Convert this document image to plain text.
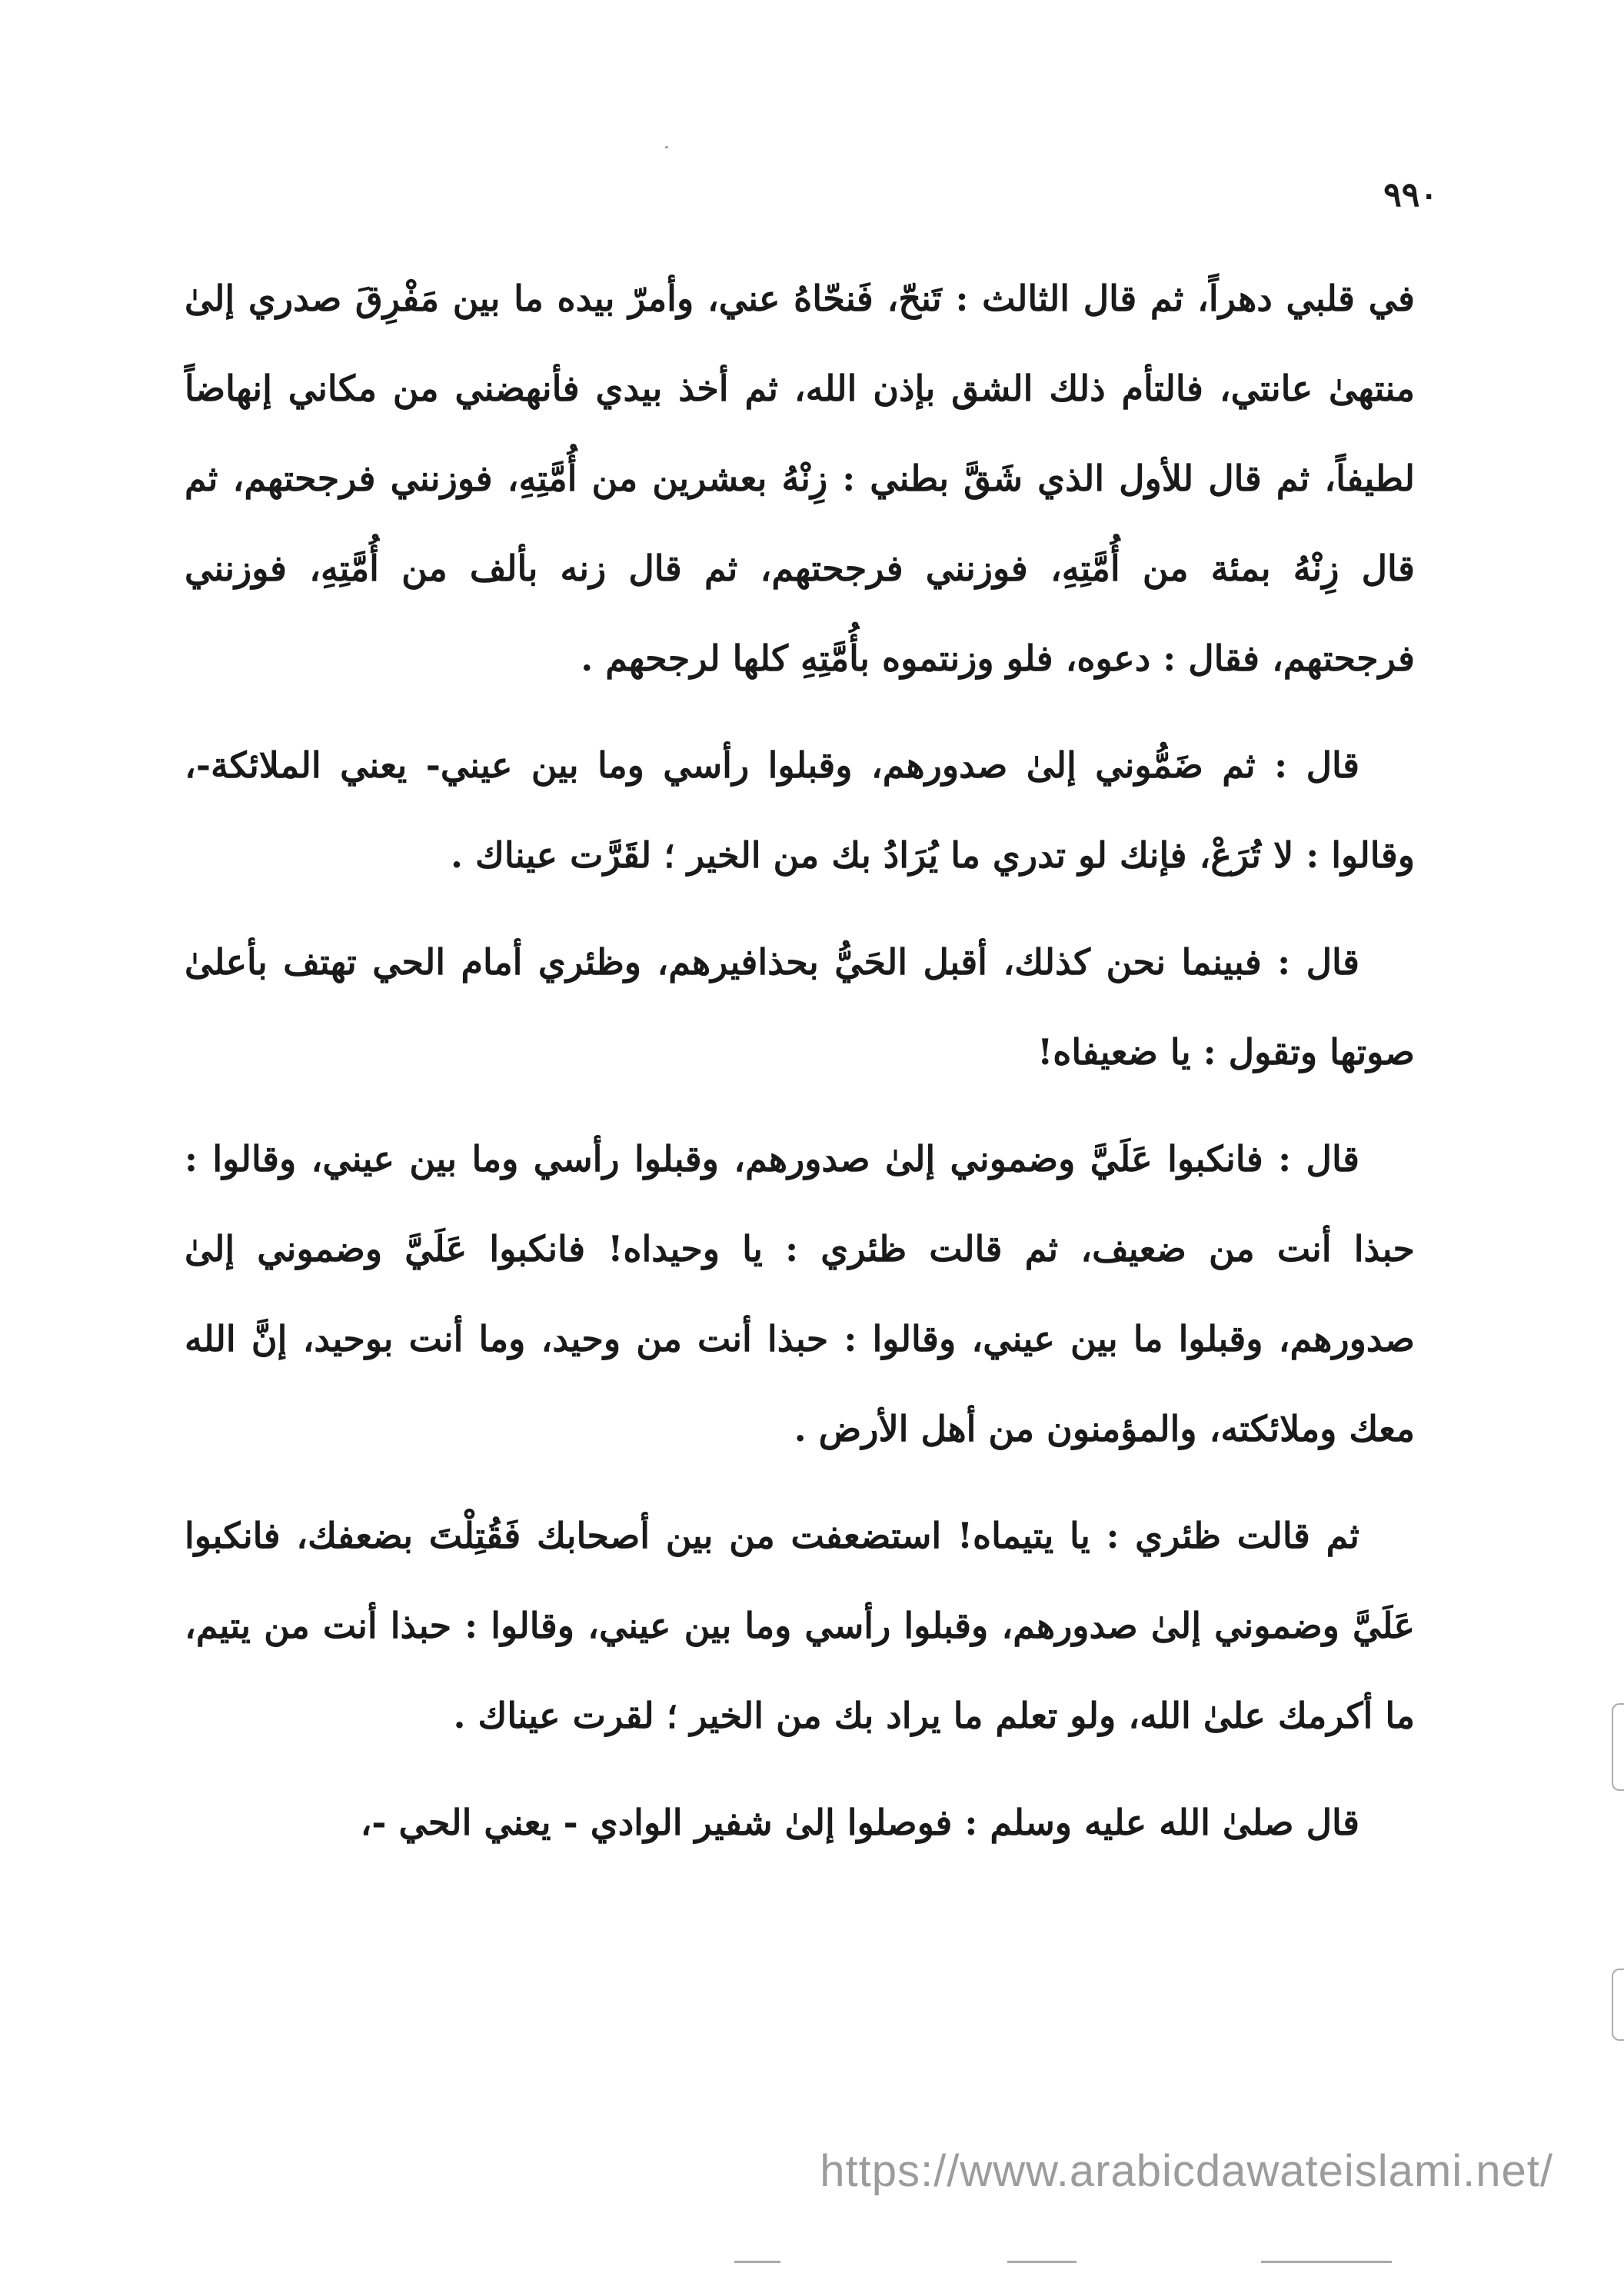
٩٩٠

في قلبي دهراً، ثم قال الثالث : تَنحّ، فَنحّاهُ عني، وأمرّ بيده ما بين مَفْرِقَ صدري إلىٰ منتهىٰ عانتي، فالتأم ذلك الشق بإذن الله، ثم أخذ بيدي فأنهضني من مكاني إنهاضاً لطيفاً، ثم قال للأول الذي شَقَّ بطني : زِنْهُ بعشرين من أُمَّتِهِ، فوزنني فرجحتهم، ثم قال زِنْهُ بمئة من أُمَّتِهِ، فوزنني فرجحتهم، ثم قال زنه بألف من أُمَّتِهِ، فوزنني فرجحتهم، فقال : دعوه، فلو وزنتموه بأُمَّتِهِ كلها لرجحهم .

قال : ثم ضَمُّوني إلىٰ صدورهم، وقبلوا رأسي وما بين عيني- يعني الملائكة-، وقالوا : لا تُرَعْ، فإنك لو تدري ما يُرَادُ بك من الخير ؛ لقَرَّت عيناك .

قال : فبينما نحن كذلك، أقبل الحَيُّ بحذافيرهم، وظئري أمام الحي تهتف بأعلىٰ صوتها وتقول : يا ضعيفاه!

قال : فانكبوا عَلَيَّ وضموني إلىٰ صدورهم، وقبلوا رأسي وما بين عيني، وقالوا : حبذا أنت من ضعيف، ثم قالت ظئري : يا وحيداه! فانكبوا عَلَيَّ وضموني إلىٰ صدورهم، وقبلوا ما بين عيني، وقالوا : حبذا أنت من وحيد، وما أنت بوحيد، إنَّ الله معك وملائكته، والمؤمنون من أهل الأرض .

ثم قالت ظئري : يا يتيماه! استضعفت من بين أصحابك فَقُتِلْتَ بضعفك، فانكبوا عَلَيَّ وضموني إلىٰ صدورهم، وقبلوا رأسي وما بين عيني، وقالوا : حبذا أنت من يتيم، ما أكرمك علىٰ الله، ولو تعلم ما يراد بك من الخير ؛ لقرت عيناك .

قال صلىٰ الله عليه وسلم : فوصلوا إلىٰ شفير الوادي - يعني الحي -،

https://www.arabicdawateislami.net/
